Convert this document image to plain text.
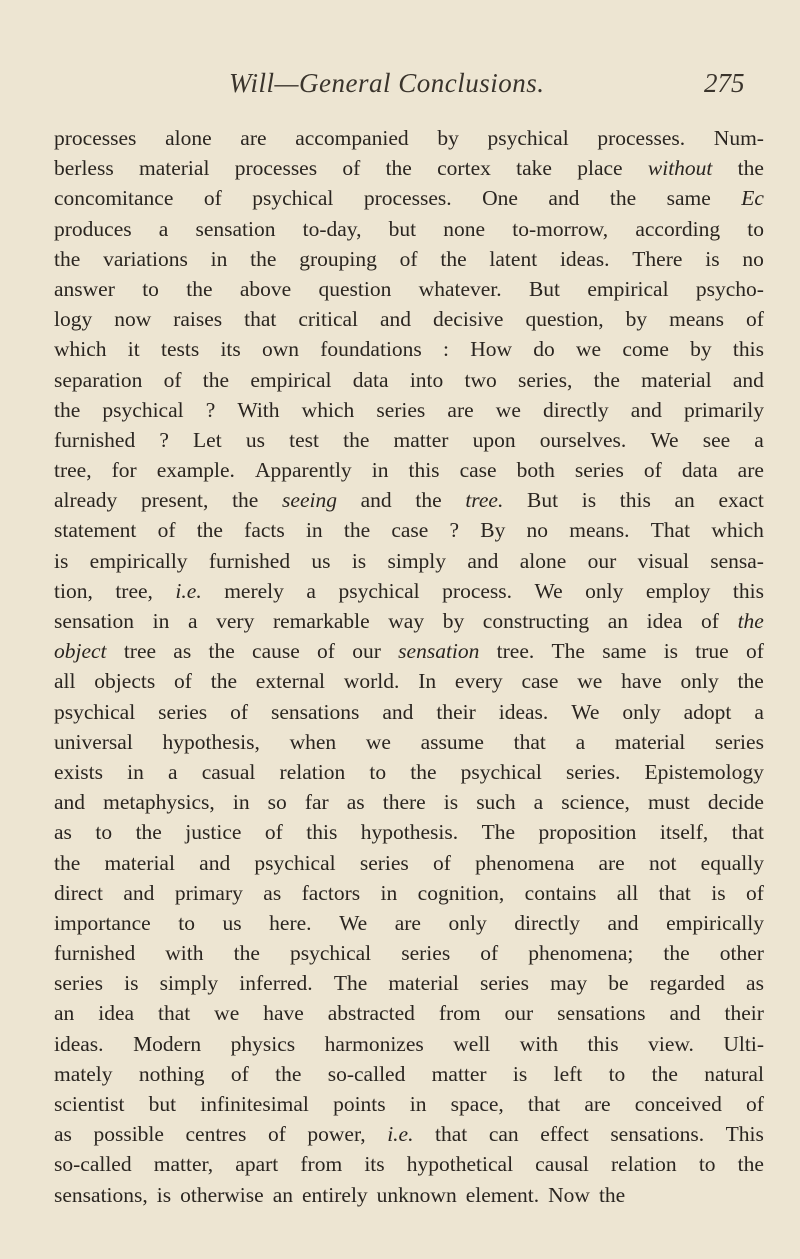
Will—General Conclusions.	275
processes alone are accompanied by psychical processes. Num-
berless material processes of the cortex take place without the
concomitance of psychical processes. One and the same Ec
produces a sensation to-day, but none to-morrow, according to
the variations in the grouping of the latent ideas. There is no
answer to the above question whatever. But empirical psycho-
logy now raises that critical and decisive question, by means of
which it tests its own foundations : How do we come by this
separation of the empirical data into two series, the material and
the psychical ? With which series are we directly and primarily
furnished ? Let us test the matter upon ourselves. We see a
tree, for example. Apparently in this case both series of data are
already present, the seeing and the tree. But is this an exact
statement of the facts in the case ? By no means. That which
is empirically furnished us is simply and alone our visual sensa-
tion, tree, i.e. merely a psychical process. We only employ this
sensation in a very remarkable way by constructing an idea of the
object tree as the cause of our sensation tree. The same is true of
all objects of the external world. In every case we have only the
psychical series of sensations and their ideas. We only adopt a
universal hypothesis, when we assume that a material series
exists in a casual relation to the psychical series. Epistemology
and metaphysics, in so far as there is such a science, must decide
as to the justice of this hypothesis. The proposition itself, that
the material and psychical series of phenomena are not equally
direct and primary as factors in cognition, contains all that is of
importance to us here. We are only directly and empirically
furnished with the psychical series of phenomena; the other
series is simply inferred. The material series may be regarded as
an idea that we have abstracted from our sensations and their
ideas. Modern physics harmonizes well with this view. Ulti-
mately nothing of the so-called matter is left to the natural
scientist but infinitesimal points in space, that are conceived of
as possible centres of power, i.e. that can effect sensations. This
so-called matter, apart from its hypothetical causal relation to the
sensations, is otherwise an entirely unknown element. Now the
